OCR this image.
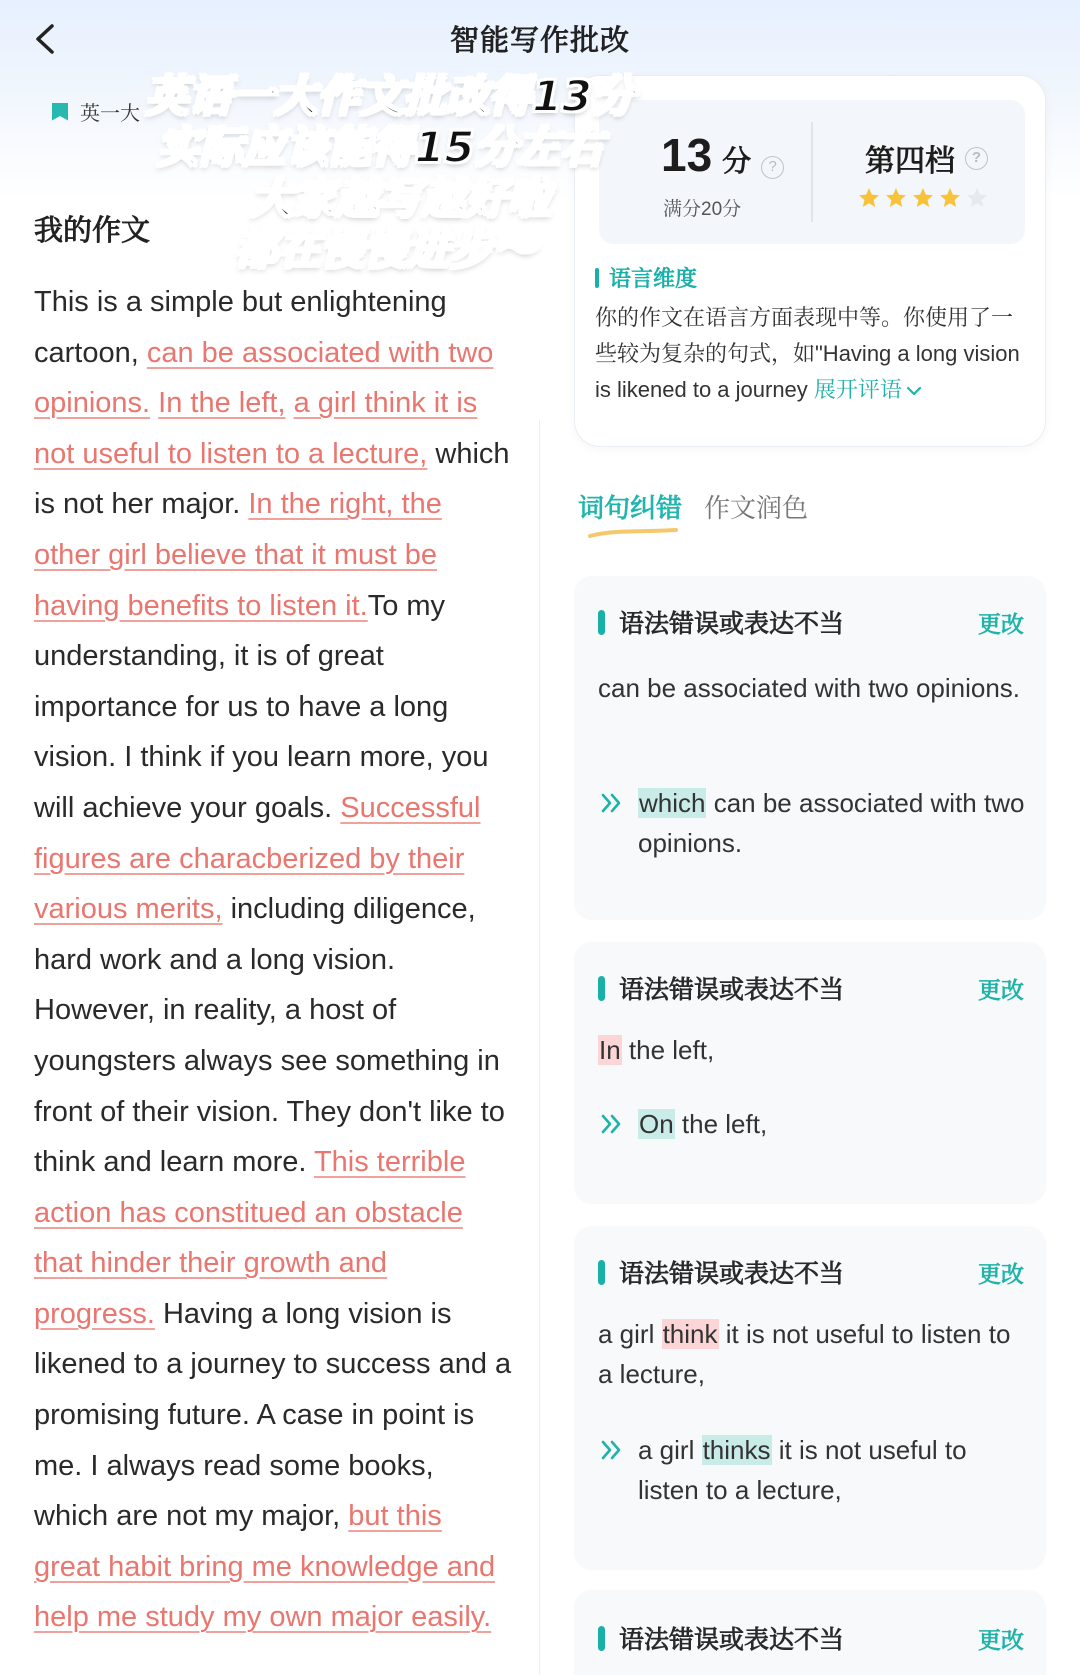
智能写作批改
英一大
我的作文
This is a simple but enlightening cartoon, can be associated with two opinions. In the left, a girl think it is not useful to listen to a lecture, which is not her major. In the right, the other girl believe that it must be having benefits to listen it.To my understanding, it is of great importance for us to have a long vision. I think if you learn more, you will achieve your goals. Successful figures are characberized by their various merits, including diligence, hard work and a long vision. However, in reality, a host of youngsters always see something in front of their vision. They don't like to think and learn more. This terrible action has constitued an obstacle that hinder their growth and progress. Having a long vision is likened to a journey to success and a promising future. A case in point is me. I always read some books, which are not my major, but this great habit bring me knowledge and help me study my own major easily.
英语一大作文批改得13分
实际应该能得15分左右
大家越写越好啦
都在慢慢进步～
13 分	?
满分20分
第四档	?
语言维度
你的作文在语言方面表现中等。你使用了一些较为复杂的句式，如"Having a long vision is likened to a journey 展开评语
词句纠错 作文润色
语法错误或表达不当	更改
can be associated with two opinions.
which can be associated with two opinions.
语法错误或表达不当	更改
In the left,
On the left,
语法错误或表达不当	更改
a girl think it is not useful to listen to a lecture,
a girl thinks it is not useful to listen to a lecture,
语法错误或表达不当	更改
